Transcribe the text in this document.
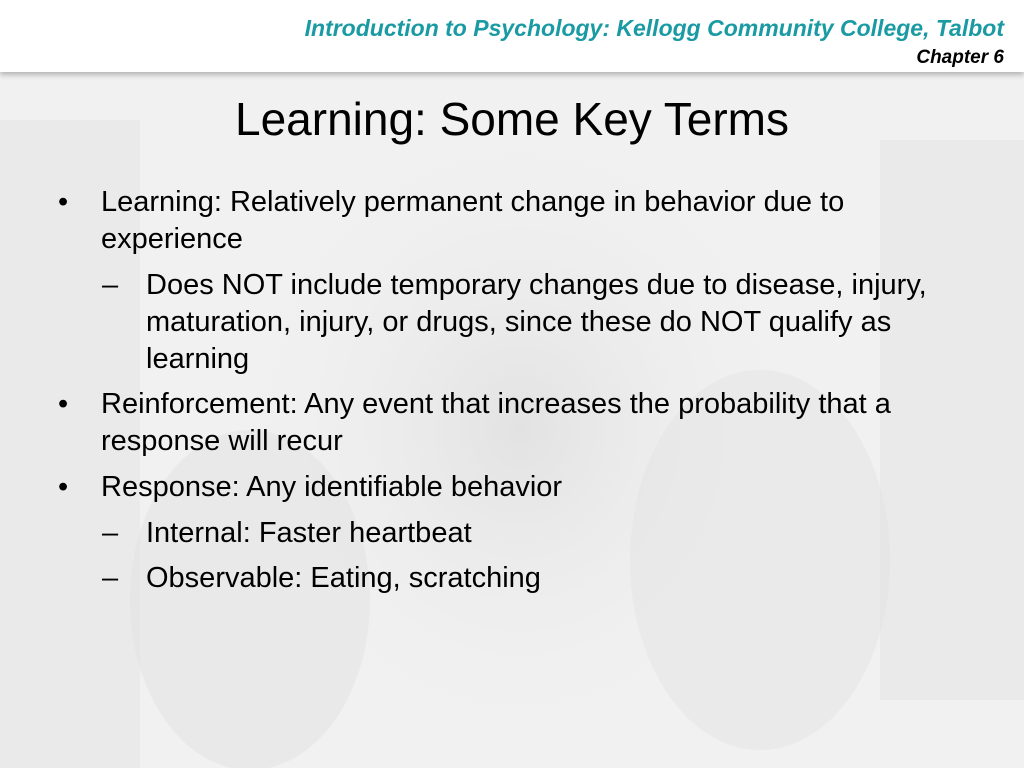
Introduction to Psychology: Kellogg Community College, Talbot
Chapter 6
Learning: Some Key Terms
• Learning: Relatively permanent change in behavior due to experience
– Does NOT include temporary changes due to disease, injury, maturation, injury, or drugs, since these do NOT qualify as learning
• Reinforcement: Any event that increases the probability that a response will recur
• Response: Any identifiable behavior
– Internal: Faster heartbeat
– Observable: Eating, scratching
